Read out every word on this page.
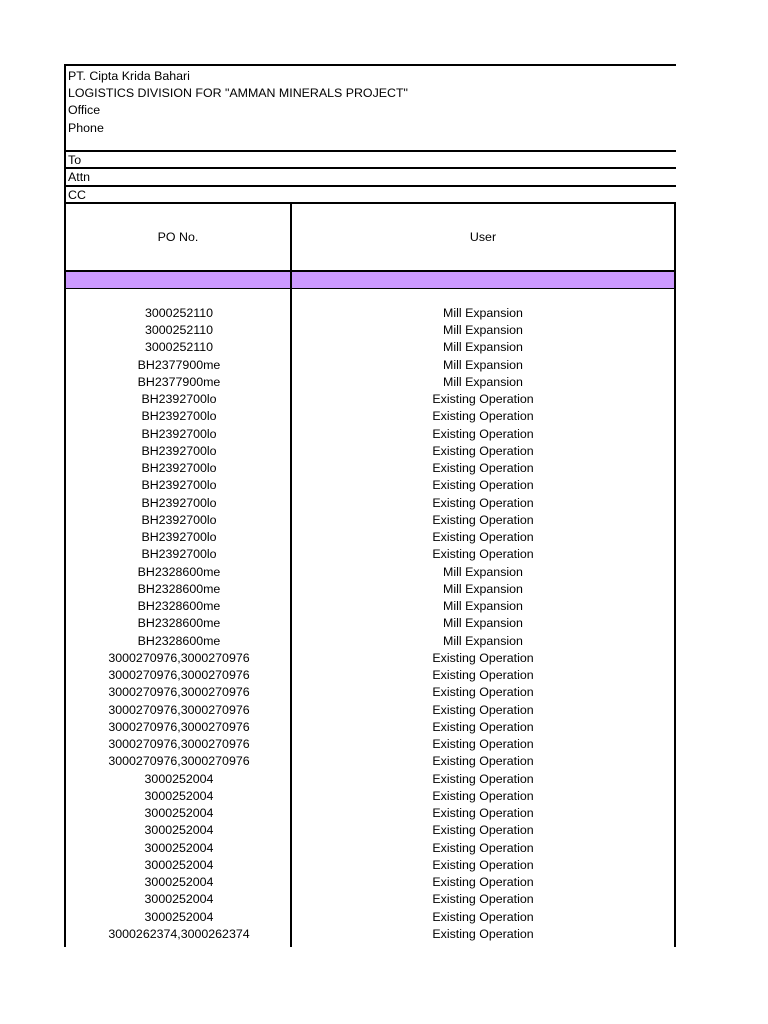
PT. Cipta Krida Bahari
LOGISTICS DIVISION FOR "AMMAN MINERALS PROJECT"
Office
Phone
To
Attn
CC
PO No.	User
3000252110	Mill Expansion
3000252110	Mill Expansion
3000252110	Mill Expansion
BH2377900me	Mill Expansion
BH2377900me	Mill Expansion
BH2392700lo	Existing Operation
BH2392700lo	Existing Operation
BH2392700lo	Existing Operation
BH2392700lo	Existing Operation
BH2392700lo	Existing Operation
BH2392700lo	Existing Operation
BH2392700lo	Existing Operation
BH2392700lo	Existing Operation
BH2392700lo	Existing Operation
BH2392700lo	Existing Operation
BH2328600me	Mill Expansion
BH2328600me	Mill Expansion
BH2328600me	Mill Expansion
BH2328600me	Mill Expansion
BH2328600me	Mill Expansion
3000270976,3000270976	Existing Operation
3000270976,3000270976	Existing Operation
3000270976,3000270976	Existing Operation
3000270976,3000270976	Existing Operation
3000270976,3000270976	Existing Operation
3000270976,3000270976	Existing Operation
3000270976,3000270976	Existing Operation
3000252004	Existing Operation
3000252004	Existing Operation
3000252004	Existing Operation
3000252004	Existing Operation
3000252004	Existing Operation
3000252004	Existing Operation
3000252004	Existing Operation
3000252004	Existing Operation
3000252004	Existing Operation
3000262374,3000262374	Existing Operation
